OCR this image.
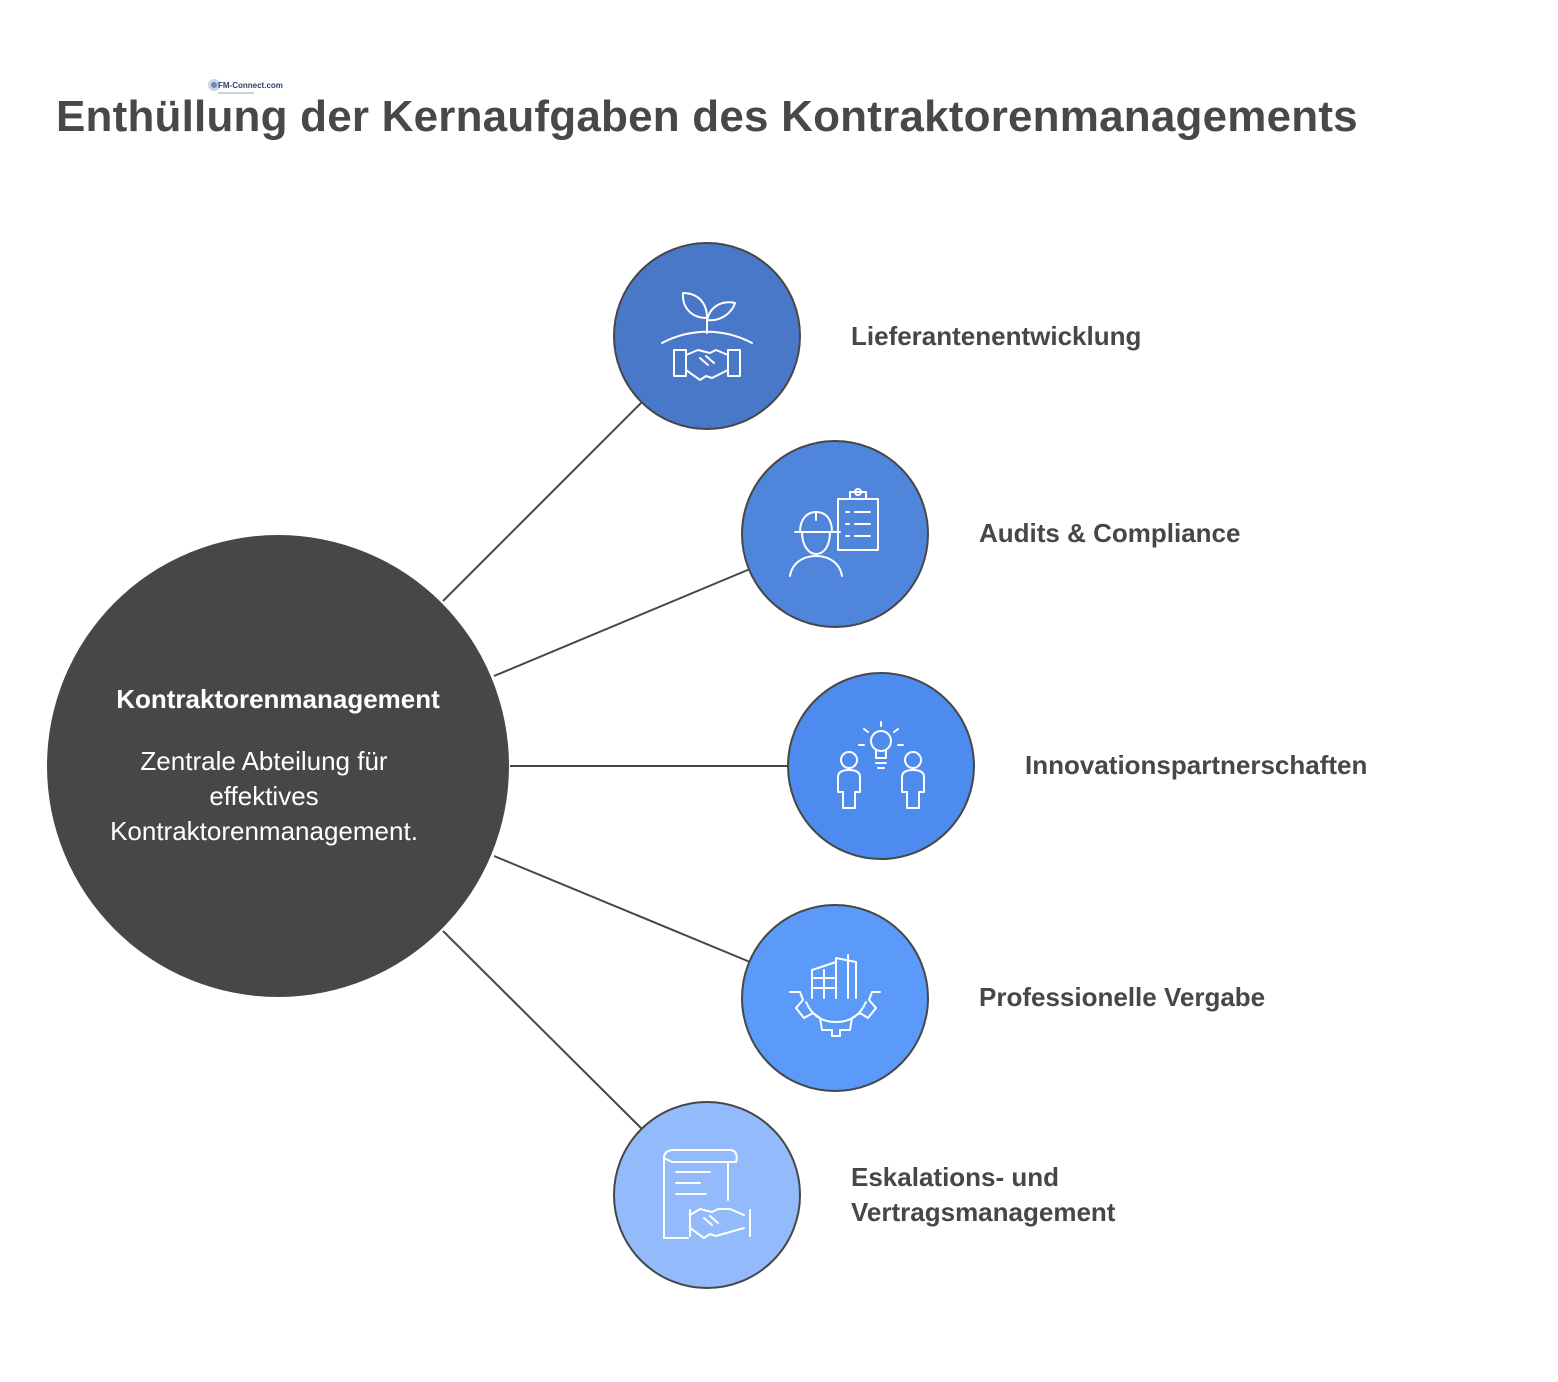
FM-Connect.com
Enthüllung der Kernaufgaben des Kontraktorenmanagements
Kontraktorenmanagement
Zentrale Abteilung für effektives Kontraktorenmanagement.
Lieferantenentwicklung
Audits & Compliance
Innovationspartnerschaften
Professionelle Vergabe
Eskalations- und
Vertragsmanagement
